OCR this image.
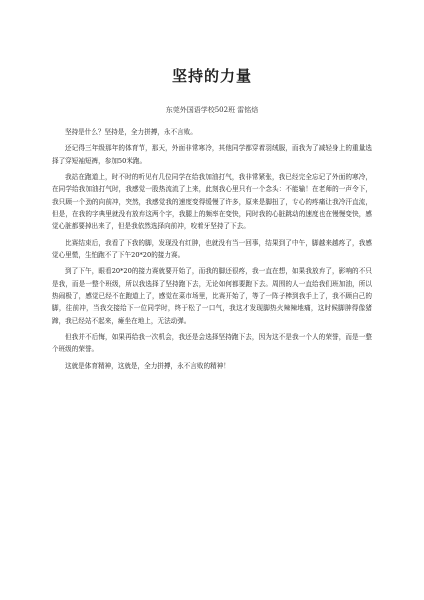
坚持的力量
东莞外国语学校502班 雷铭焙

坚持是什么？坚持是，全力拼搏，永不言败。

还记得三年级那年的体育节，那天，外面非常寒冷，其他同学都穿着羽绒服，而我为了减轻身上的重量选择了穿短袖短裤，参加50米跑。

我站在跑道上，时不时的听见有几位同学在给我加油打气，我非常紧张，我已经完全忘记了外面的寒冷，在同学给我加油打气时，我感觉一股热流流了上来，此刻我心里只有一个念头：不能输！在老师的一声令下，我只顾一个劲的向前冲，突然，我感觉我的速度变得缓慢了许多，原来是脚扭了，专心的疼痛让我冷汗直流，但是，在我的字典里就没有放弃这两个字，我腿上的频率在变快，同时我的心脏跳动的速度也在慢慢变快，感觉心脏都要掉出来了，但是我依然选择向前冲，咬着牙坚持了下去。

比赛结束后，我看了下我的脚，发现没有红肿，也就没有当一回事，结果到了中午，脚越来越疼了，我感觉心里慌，生怕跑不了下午20*20的接力赛。

到了下午，眼看20*20的接力赛就要开始了，而我的脚还很疼，我一直在想，如果我放弃了，影响的不只是我，而是一整个班级，所以我选择了坚持跑下去，无论如何都要跑下去。周围的人一直给我们班加油，所以热闹极了，感觉已经不在跑道上了，感觉在菜市场里，比赛开始了，等了一阵子棒到我手上了，我不顾自己的脚，往前冲，当我交接给下一位同学时，终于松了一口气，我这才发现脚热火辣辣地痛，这时候脚肿得像猪蹄，我已经站不起来，瘫坐在地上，无法动弹。

但我并不后悔，如果再给我一次机会，我还是会选择坚持跑下去，因为这不是我一个人的荣誉，而是一整个班级的荣誉。

这就是体育精神，这就是，全力拼搏，永不言败的精神！
